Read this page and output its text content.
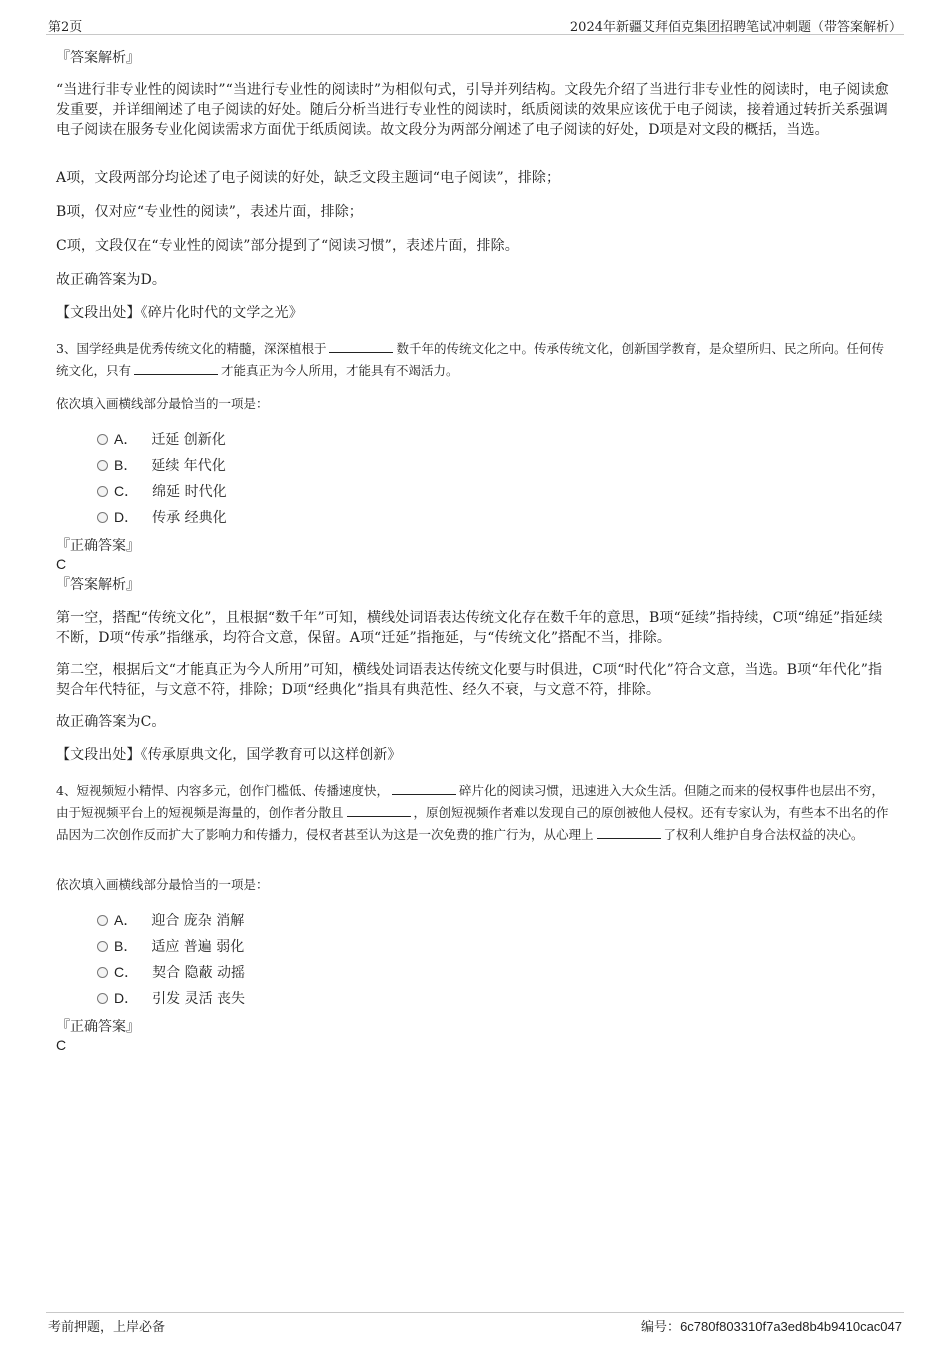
第2页	2024年新疆艾拜佰克集团招聘笔试冲刺题（带答案解析）
『答案解析』
“当进行非专业性的阅读时”“当进行专业性的阅读时”为相似句式，引导并列结构。文段先介绍了当进行非专业性的阅读时，电子阅读愈发重要，并详细阐述了电子阅读的好处。随后分析当进行专业性的阅读时，纸质阅读的效果应该优于电子阅读，接着通过转折关系强调电子阅读在服务专业化阅读需求方面优于纸质阅读。故文段分为两部分阐述了电子阅读的好处，D项是对文段的概括，当选。
A项，文段两部分均论述了电子阅读的好处，缺乏文段主题词“电子阅读”，排除；
B项，仅对应“专业性的阅读”，表述片面，排除；
C项，文段仅在“专业性的阅读”部分提到了“阅读习惯”，表述片面，排除。
故正确答案为D。
【文段出处】《碎片化时代的文学之光》
3、国学经典是优秀传统文化的精髓，深深植根于	数千年的传统文化之中。传承传统文化，创新国学教育，是众望所归、民之所向。任何传统文化，只有	才能真正为今人所用，才能具有不竭活力。
依次填入画横线部分最恰当的一项是：
A． 迁延 创新化
B． 延续 年代化
C． 绵延 时代化
D． 传承 经典化
『正确答案』
C
『答案解析』
第一空，搭配“传统文化”，且根据“数千年”可知，横线处词语表达传统文化存在数千年的意思，B项“延续”指持续，C项“绵延”指延续不断，D项“传承”指继承，均符合文意，保留。A项“迁延”指拖延，与“传统文化”搭配不当，排除。
第二空，根据后文“才能真正为今人所用”可知，横线处词语表达传统文化要与时俱进，C项“时代化”符合文意，当选。B项“年代化”指契合年代特征，与文意不符，排除；D项“经典化”指具有典范性、经久不衰，与文意不符，排除。
故正确答案为C。
【文段出处】《传承原典文化，国学教育可以这样创新》
4、短视频短小精悍、内容多元，创作门槛低、传播速度快，	碎片化的阅读习惯，迅速进入大众生活。但随之而来的侵权事件也层出不穷，由于短视频平台上的短视频是海量的，创作者分散且	，原创短视频作者难以发现自己的原创被他人侵权。还有专家认为，有些本不出名的作品因为二次创作反而扩大了影响力和传播力，侵权者甚至认为这是一次免费的推广行为，从心理上	了权利人维护自身合法权益的决心。
依次填入画横线部分最恰当的一项是：
A． 迎合 庞杂 消解
B． 适应 普遍 弱化
C． 契合 隐蔽 动摇
D． 引发 灵活 丧失
『正确答案』
C
考前押题，上岸必备	编号：6c780f803310f7a3ed8b4b9410cac047
